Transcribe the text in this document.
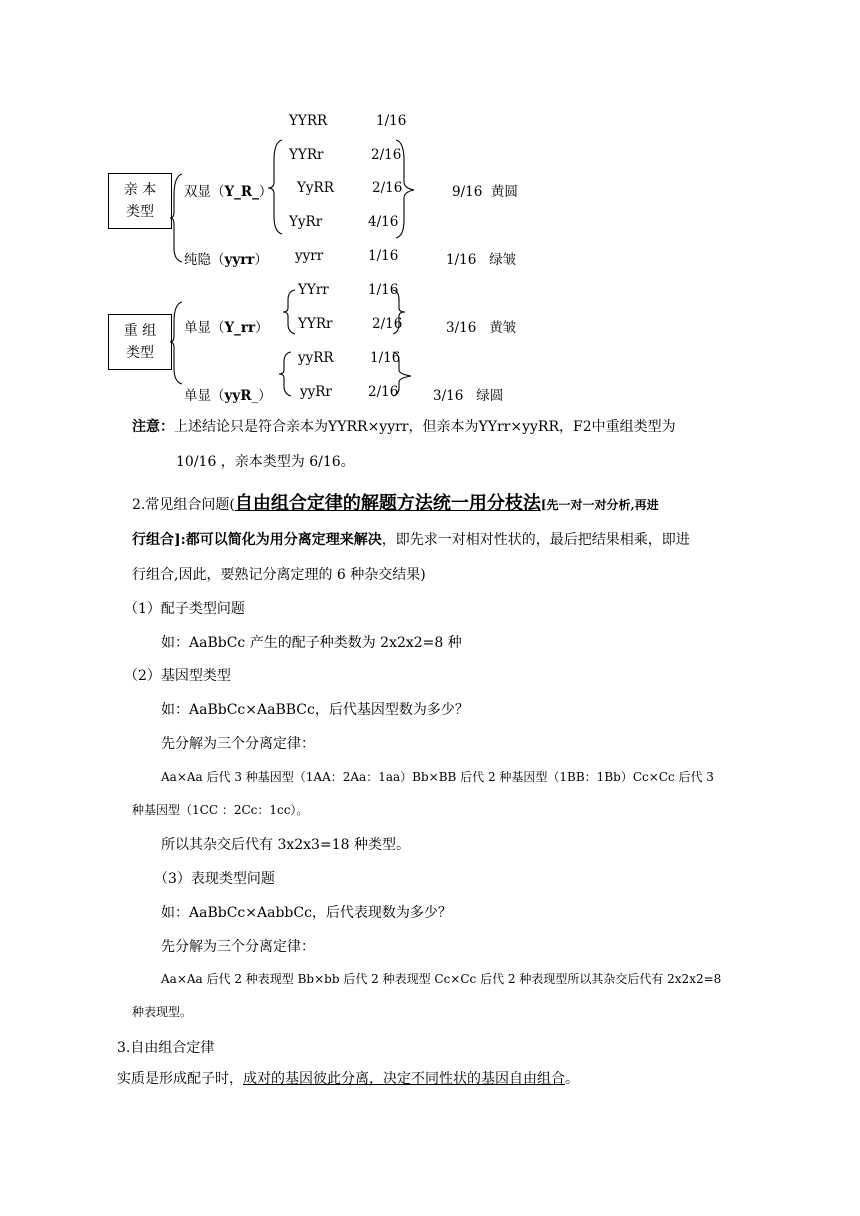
亲 本
类型
重 组
类型
双显（Y_R_）
纯隐（yyrr）
单显（Y_rr）
单显（yyR_）
YYRR	1/16
YYRr	2/16
YyRR	2/16
YyRr	4/16
yyrr	1/16
YYrr	1/16
YYRr	2/16
yyRR	1/16
yyRr	2/16
9/16 黄圆
1/16 绿皱
3/16 黄皱
3/16 绿圆
注意：上述结论只是符合亲本为YYRR×yyrr，但亲本为YYrr×yyRR，F2中重组类型为
10/16 ，亲本类型为 6/16。
2.常见组合问题(自由组合定律的解题方法统一用分枝法[先一对一对分析,再进
行组合]:都可以简化为用分离定理来解决，即先求一对相对性状的，最后把结果相乘，即进
行组合,因此，要熟记分离定理的 6 种杂交结果)
（1）配子类型问题
如：AaBbCc 产生的配子种类数为 2x2x2=8 种
（2）基因型类型
如：AaBbCc×AaBBCc，后代基因型数为多少？
先分解为三个分离定律：
Aa×Aa 后代 3 种基因型（1AA：2Aa：1aa）Bb×BB 后代 2 种基因型（1BB：1Bb）Cc×Cc 后代 3
种基因型（1CC ：2Cc：1cc）。
所以其杂交后代有 3x2x3=18 种类型。
（3）表现类型问题
如：AaBbCc×AabbCc，后代表现数为多少？
先分解为三个分离定律：
Aa×Aa 后代 2 种表现型 Bb×bb 后代 2 种表现型 Cc×Cc 后代 2 种表现型所以其杂交后代有 2x2x2=8
种表现型。
3.自由组合定律
实质是形成配子时，成对的基因彼此分离，决定不同性状的基因自由组合。
